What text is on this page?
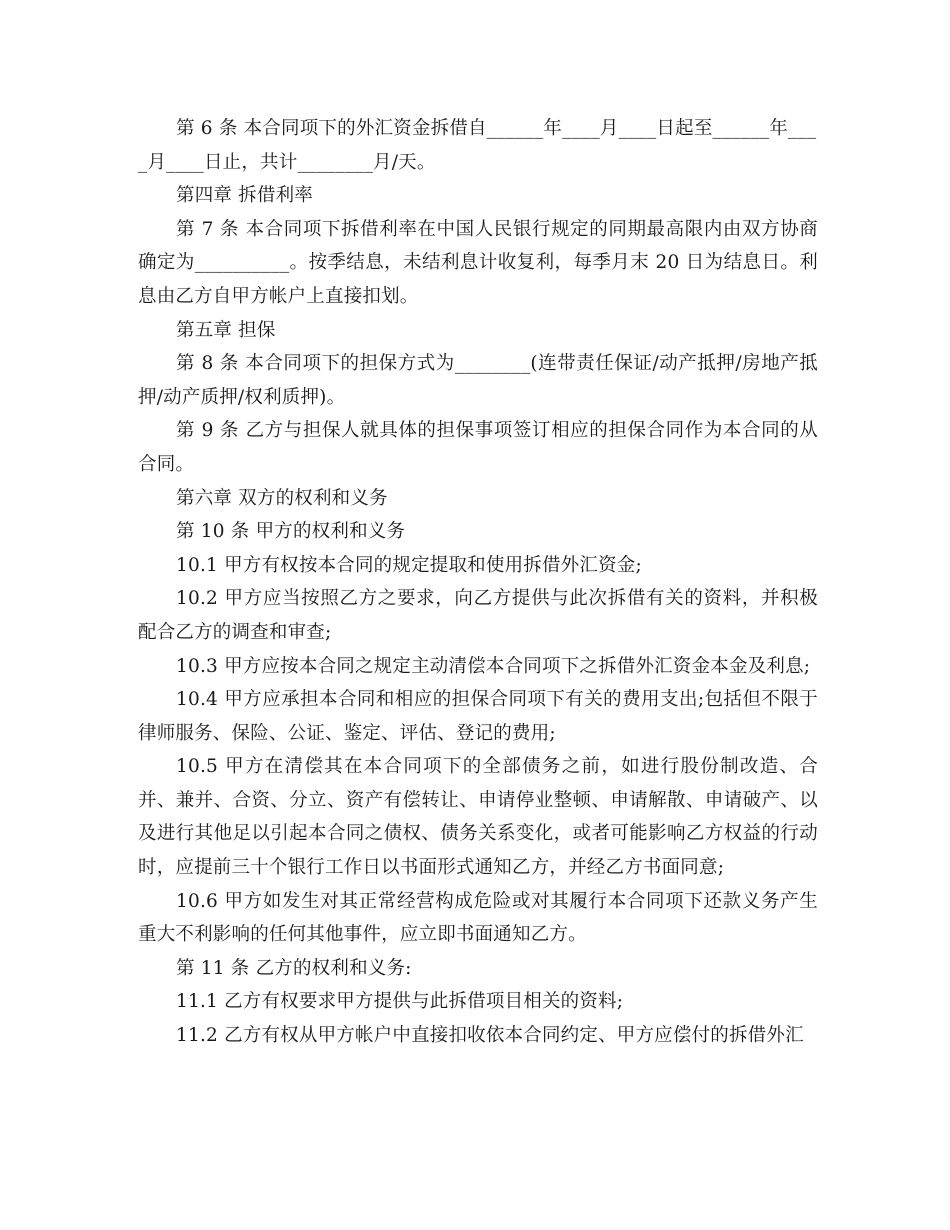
第 6 条 本合同项下的外汇资金拆借自______年____月____日起至______年___
_月____日止，共计________月/天。

第四章 拆借利率

第 7 条 本合同项下拆借利率在中国人民银行规定的同期最高限内由双方协商确定为__________。按季结息，未结利息计收复利，每季月末 20 日为结息日。利息由乙方自甲方帐户上直接扣划。

第五章 担保

第 8 条 本合同项下的担保方式为________(连带责任保证/动产抵押/房地产抵押/动产质押/权利质押)。

第 9 条 乙方与担保人就具体的担保事项签订相应的担保合同作为本合同的从合同。

第六章 双方的权利和义务

第 10 条 甲方的权利和义务

10.1 甲方有权按本合同的规定提取和使用拆借外汇资金;

10.2 甲方应当按照乙方之要求，向乙方提供与此次拆借有关的资料，并积极配合乙方的调查和审查;

10.3 甲方应按本合同之规定主动清偿本合同项下之拆借外汇资金本金及利息;

10.4 甲方应承担本合同和相应的担保合同项下有关的费用支出;包括但不限于律师服务、保险、公证、鉴定、评估、登记的费用;

10.5 甲方在清偿其在本合同项下的全部债务之前，如进行股份制改造、合并、兼并、合资、分立、资产有偿转让、申请停业整顿、申请解散、申请破产、以及进行其他足以引起本合同之债权、债务关系变化，或者可能影响乙方权益的行动时，应提前三十个银行工作日以书面形式通知乙方，并经乙方书面同意;

10.6 甲方如发生对其正常经营构成危险或对其履行本合同项下还款义务产生重大不利影响的任何其他事件，应立即书面通知乙方。

第 11 条 乙方的权利和义务:

11.1 乙方有权要求甲方提供与此拆借项目相关的资料;

11.2 乙方有权从甲方帐户中直接扣收依本合同约定、甲方应偿付的拆借外汇
